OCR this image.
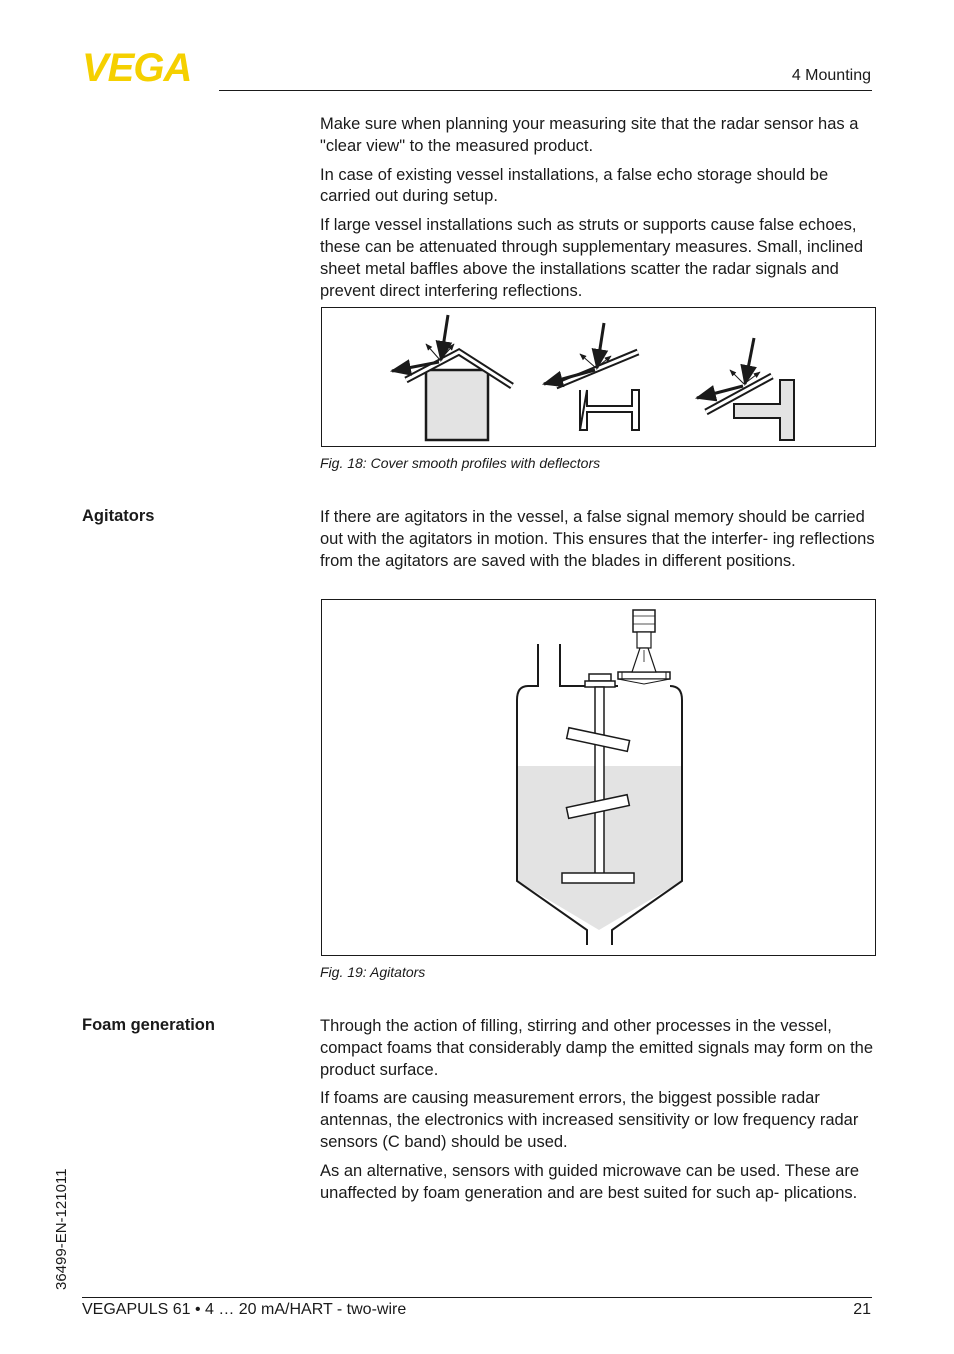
VEGA	4 Mounting

Make sure when planning your measuring site that the radar sensor has a "clear view" to the measured product.

In case of existing vessel installations, a false echo storage should be carried out during setup.

If large vessel installations such as struts or supports cause false echoes, these can be attenuated through supplementary measures. Small, inclined sheet metal baffles above the installations scatter the radar signals and prevent direct interfering reflections.

Fig. 18: Cover smooth profiles with deflectors
Agitators	If there are agitators in the vessel, a false signal memory should be carried out with the agitators in motion. This ensures that the interfer- ing reflections from the agitators are saved with the blades in different positions.

Fig. 19: Agitators
Foam generation	Through the action of filling, stirring and other processes in the vessel, compact foams that considerably damp the emitted signals may form on the product surface.

If foams are causing measurement errors, the biggest possible radar antennas, the electronics with increased sensitivity or low frequency radar sensors (C band) should be used.

As an alternative, sensors with guided microwave can be used. These are unaffected by foam generation and are best suited for such ap- plications.

36499-EN-121011
VEGAPULS 61 • 4 … 20 mA/HART - two-wire	21
